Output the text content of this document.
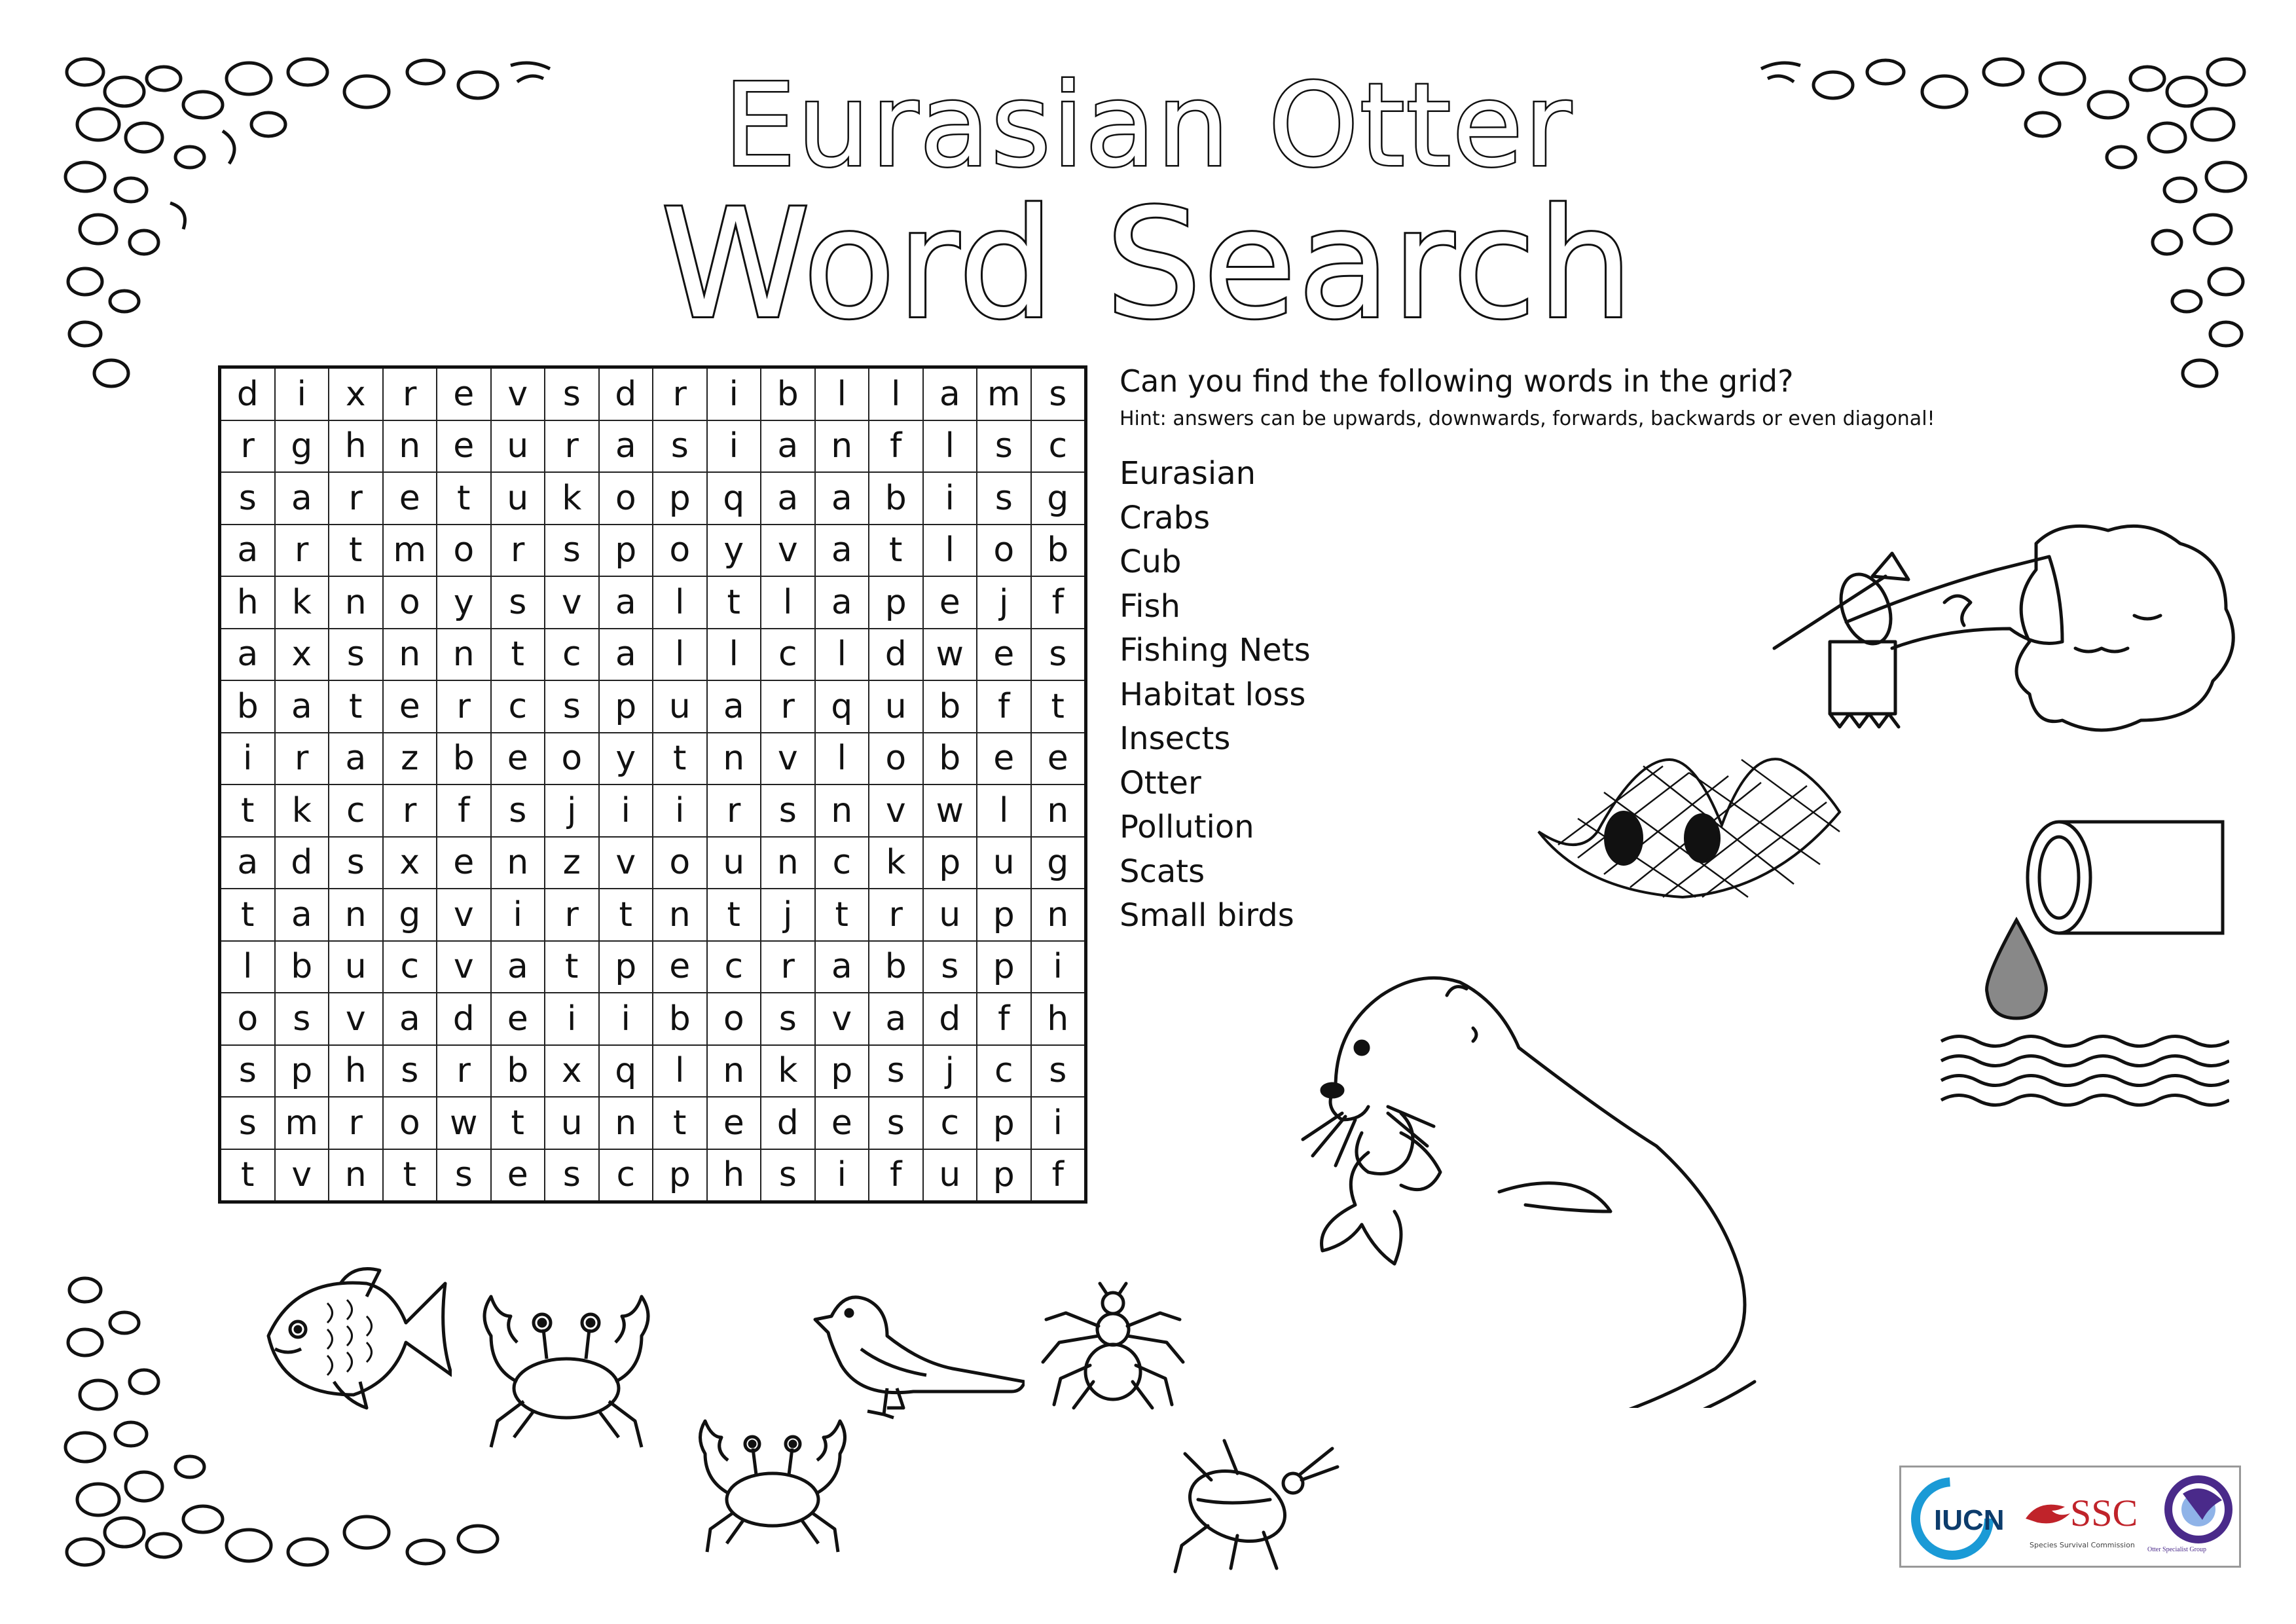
Eurasian Otter
Word Search
d	i	x	r	e	v	s	d	r	i	b	l	l	a	m	s
r	g	h	n	e	u	r	a	s	i	a	n	f	l	s	c
s	a	r	e	t	u	k	o	p	q	a	a	b	i	s	g
a	r	t	m	o	r	s	p	o	y	v	a	t	l	o	b
h	k	n	o	y	s	v	a	l	t	l	a	p	e	j	f
a	x	s	n	n	t	c	a	l	l	c	l	d	w	e	s
b	a	t	e	r	c	s	p	u	a	r	q	u	b	f	t
i	r	a	z	b	e	o	y	t	n	v	l	o	b	e	e
t	k	c	r	f	s	j	i	i	r	s	n	v	w	l	n
a	d	s	x	e	n	z	v	o	u	n	c	k	p	u	g
t	a	n	g	v	i	r	t	n	t	j	t	r	u	p	n
l	b	u	c	v	a	t	p	e	c	r	a	b	s	p	i
o	s	v	a	d	e	i	i	b	o	s	v	a	d	f	h
s	p	h	s	r	b	x	q	l	n	k	p	s	j	c	s
s	m	r	o	w	t	u	n	t	e	d	e	s	c	p	i
t	v	n	t	s	e	s	c	p	h	s	i	f	u	p	f
Can you find the following words in the grid?
Hint: answers can be upwards, downwards, forwards, backwards or even diagonal!
Eurasian
Crabs
Cub
Fish
Fishing Nets
Habitat loss
Insects
Otter
Pollution
Scats
Small birds
IUCN SSC
Species Survival Commission
Otter Specialist Group
